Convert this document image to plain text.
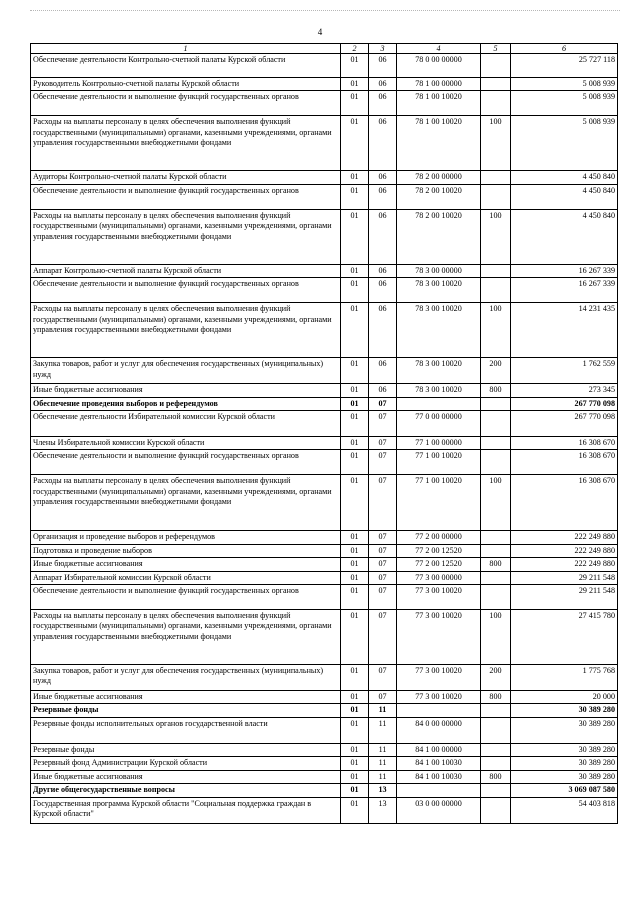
4
1	2	3	4	5	6
Обеспечение деятельности Контрольно-счетной палаты Курской области	01	06	78 0 00 00000		25 727 118
Руководитель Контрольно-счетной палаты Курской области	01	06	78 1 00 00000		5 008 939
Обеспечение деятельности и выполнение функций государственных органов	01	06	78 1 00 10020		5 008 939
Расходы на выплаты персоналу в целях обеспечения выполнения функций государственными (муниципальными) органами, казенными учреждениями, органами управления государственными внебюджетными фондами	01	06	78 1 00 10020	100	5 008 939
Аудиторы Контрольно-счетной палаты Курской области	01	06	78 2 00 00000		4 450 840
Обеспечение деятельности и выполнение функций государственных органов	01	06	78 2 00 10020		4 450 840
Расходы на выплаты персоналу в целях обеспечения выполнения функций государственными (муниципальными) органами, казенными учреждениями, органами управления государственными внебюджетными фондами	01	06	78 2 00 10020	100	4 450 840
Аппарат Контрольно-счетной палаты Курской области	01	06	78 3 00 00000		16 267 339
Обеспечение деятельности и выполнение функций государственных органов	01	06	78 3 00 10020		16 267 339
Расходы на выплаты персоналу в целях обеспечения выполнения функций государственными (муниципальными) органами, казенными учреждениями, органами управления государственными внебюджетными фондами	01	06	78 3 00 10020	100	14 231 435
Закупка товаров, работ и услуг для обеспечения государственных (муниципальных) нужд	01	06	78 3 00 10020	200	1 762 559
Иные бюджетные ассигнования	01	06	78 3 00 10020	800	273 345
Обеспечение проведения выборов и референдумов	01	07			267 770 098
Обеспечение деятельности Избирательной комиссии Курской области	01	07	77 0 00 00000		267 770 098
Члены Избирательной комиссии Курской области	01	07	77 1 00 00000		16 308 670
Обеспечение деятельности и выполнение функций государственных органов	01	07	77 1 00 10020		16 308 670
Расходы на выплаты персоналу в целях обеспечения выполнения функций государственными (муниципальными) органами, казенными учреждениями, органами управления государственными внебюджетными фондами	01	07	77 1 00 10020	100	16 308 670
Организация и проведение выборов и референдумов	01	07	77 2 00 00000		222 249 880
Подготовка и проведение выборов	01	07	77 2 00 12520		222 249 880
Иные бюджетные ассигнования	01	07	77 2 00 12520	800	222 249 880
Аппарат Избирательной комиссии Курской области	01	07	77 3 00 00000		29 211 548
Обеспечение деятельности и выполнение функций государственных органов	01	07	77 3 00 10020		29 211 548
Расходы на выплаты персоналу в целях обеспечения выполнения функций государственными (муниципальными) органами, казенными учреждениями, органами управления государственными внебюджетными фондами	01	07	77 3 00 10020	100	27 415 780
Закупка товаров, работ и услуг для обеспечения государственных (муниципальных) нужд	01	07	77 3 00 10020	200	1 775 768
Иные бюджетные ассигнования	01	07	77 3 00 10020	800	20 000
Резервные фонды	01	11			30 389 280
Резервные фонды исполнительных органов государственной власти	01	11	84 0 00 00000		30 389 280
Резервные фонды	01	11	84 1 00 00000		30 389 280
Резервный фонд Администрации Курской области	01	11	84 1 00 10030		30 389 280
Иные бюджетные ассигнования	01	11	84 1 00 10030	800	30 389 280
Другие общегосударственные вопросы	01	13			3 069 087 580
Государственная программа Курской области "Социальная поддержка граждан в Курской области"	01	13	03 0 00 00000		54 403 818
